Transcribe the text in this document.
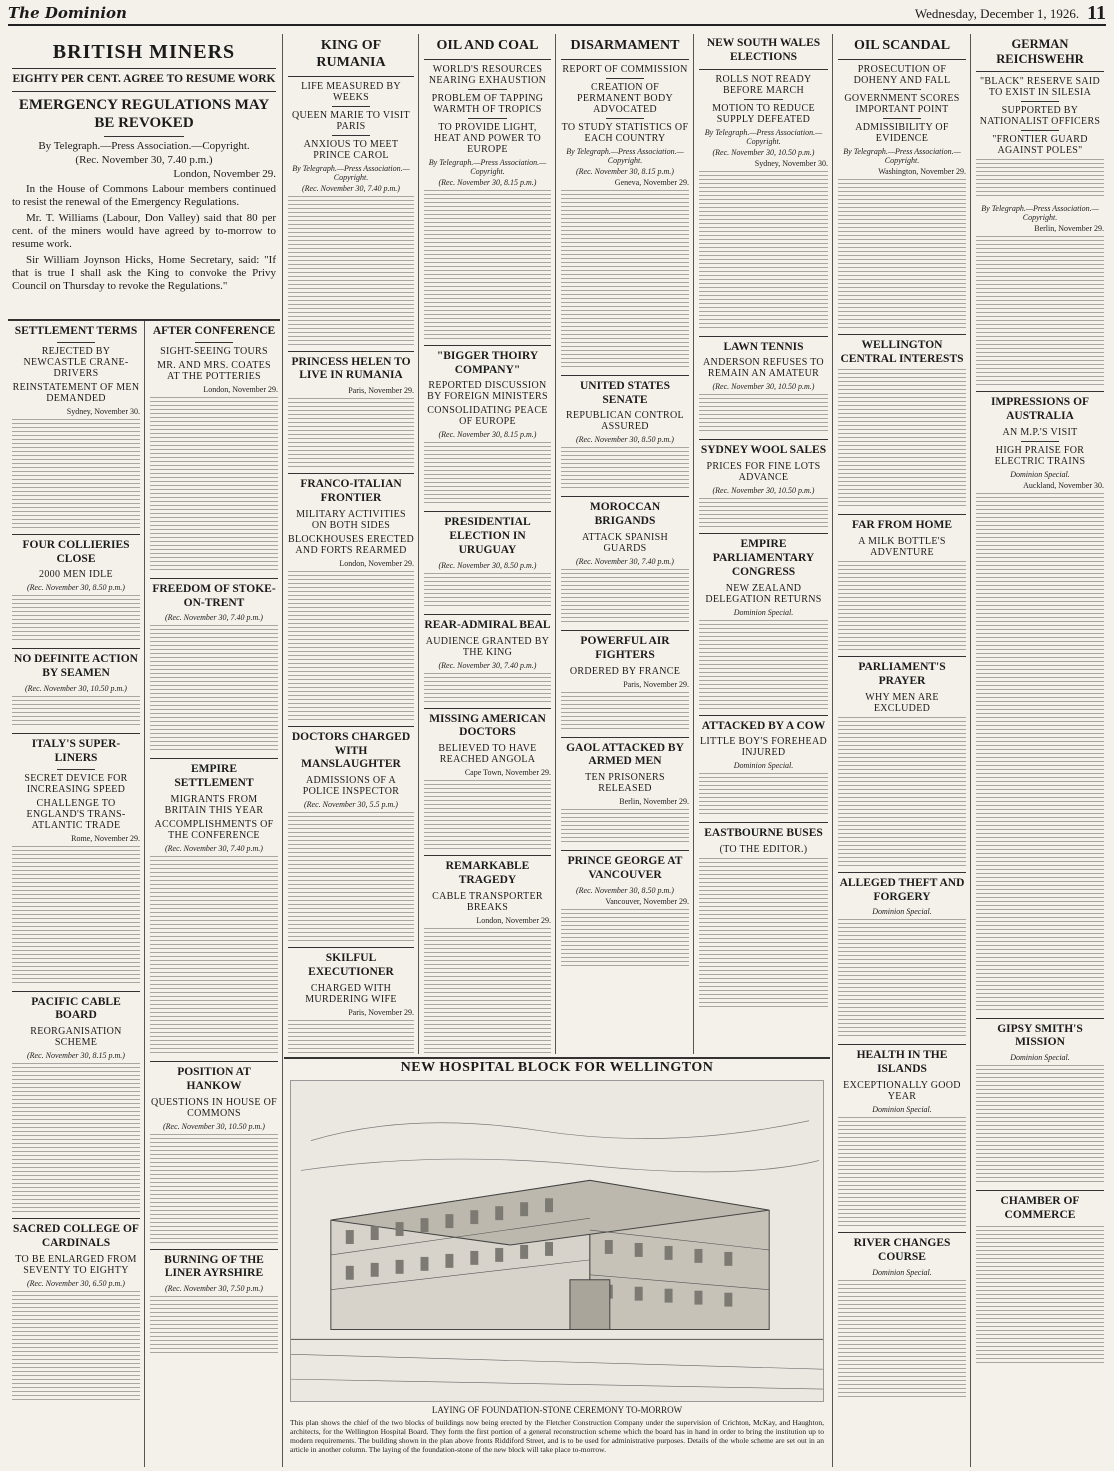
The Dominion	Wednesday, December 1, 1926. 11
BRITISH MINERS
EIGHTY PER CENT. AGREE TO RESUME WORK
EMERGENCY REGULATIONS MAY BE REVOKED
By Telegraph.—Press Association.—Copyright.
(Rec. November 30, 7.40 p.m.)
London, November 29.

In the House of Commons Labour members continued to resist the renewal of the Emergency Regulations.

Mr. T. Williams (Labour, Don Valley) said that 80 per cent. of the miners would have agreed by to-morrow to resume work.

Sir William Joynson Hicks, Home Secretary, said: "If that is true I shall ask the King to convoke the Privy Council on Thursday to revoke the Regulations."

SETTLEMENT TERMS
REJECTED BY NEWCASTLE CRANE-DRIVERS
REINSTATEMENT OF MEN DEMANDED
Sydney, November 30.
FOUR COLLIERIES CLOSE
2000 MEN IDLE
(Rec. November 30, 8.50 p.m.)
NO DEFINITE ACTION BY SEAMEN
(Rec. November 30, 10.50 p.m.)
ITALY'S SUPER-LINERS
SECRET DEVICE FOR INCREASING SPEED
CHALLENGE TO ENGLAND'S TRANS-ATLANTIC TRADE
Rome, November 29.
PACIFIC CABLE BOARD
REORGANISATION SCHEME
(Rec. November 30, 8.15 p.m.)
SACRED COLLEGE OF CARDINALS
TO BE ENLARGED FROM SEVENTY TO EIGHTY
(Rec. November 30, 6.50 p.m.)
AFTER CONFERENCE
SIGHT-SEEING TOURS
MR. AND MRS. COATES AT THE POTTERIES
London, November 29.
FREEDOM OF STOKE-ON-TRENT
(Rec. November 30, 7.40 p.m.)
EMPIRE SETTLEMENT
MIGRANTS FROM BRITAIN THIS YEAR
ACCOMPLISHMENTS OF THE CONFERENCE
(Rec. November 30, 7.40 p.m.)
POSITION AT HANKOW
QUESTIONS IN HOUSE OF COMMONS
(Rec. November 30, 10.50 p.m.)
BURNING OF THE LINER AYRSHIRE
(Rec. November 30, 7.50 p.m.)
KING OF RUMANIA
LIFE MEASURED BY WEEKS
QUEEN MARIE TO VISIT PARIS
ANXIOUS TO MEET PRINCE CAROL
By Telegraph.—Press Association.—Copyright.
(Rec. November 30, 7.40 p.m.)
PRINCESS HELEN TO LIVE IN RUMANIA
Paris, November 29.
FRANCO-ITALIAN FRONTIER
MILITARY ACTIVITIES ON BOTH SIDES
BLOCKHOUSES ERECTED AND FORTS REARMED
London, November 29.
DOCTORS CHARGED WITH MANSLAUGHTER
ADMISSIONS OF A POLICE INSPECTOR
(Rec. November 30, 5.5 p.m.)
SKILFUL EXECUTIONER
CHARGED WITH MURDERING WIFE
Paris, November 29.
OIL AND COAL
WORLD'S RESOURCES NEARING EXHAUSTION
PROBLEM OF TAPPING WARMTH OF TROPICS
TO PROVIDE LIGHT, HEAT AND POWER TO EUROPE
By Telegraph.—Press Association.—Copyright.
(Rec. November 30, 8.15 p.m.)
"BIGGER THOIRY COMPANY"
REPORTED DISCUSSION BY FOREIGN MINISTERS
CONSOLIDATING PEACE OF EUROPE
(Rec. November 30, 8.15 p.m.)
PRESIDENTIAL ELECTION IN URUGUAY
(Rec. November 30, 8.50 p.m.)
REAR-ADMIRAL BEAL
AUDIENCE GRANTED BY THE KING
(Rec. November 30, 7.40 p.m.)
MISSING AMERICAN DOCTORS
BELIEVED TO HAVE REACHED ANGOLA
Cape Town, November 29.
REMARKABLE TRAGEDY
CABLE TRANSPORTER BREAKS
London, November 29.
DISARMAMENT
REPORT OF COMMISSION
CREATION OF PERMANENT BODY ADVOCATED
TO STUDY STATISTICS OF EACH COUNTRY
By Telegraph.—Press Association.—Copyright.
(Rec. November 30, 8.15 p.m.)
Geneva, November 29.
UNITED STATES SENATE
REPUBLICAN CONTROL ASSURED
(Rec. November 30, 8.50 p.m.)
MOROCCAN BRIGANDS
ATTACK SPANISH GUARDS
(Rec. November 30, 7.40 p.m.)
POWERFUL AIR FIGHTERS
ORDERED BY FRANCE
Paris, November 29.
GAOL ATTACKED BY ARMED MEN
TEN PRISONERS RELEASED
Berlin, November 29.
PRINCE GEORGE AT VANCOUVER
(Rec. November 30, 8.50 p.m.)
Vancouver, November 29.
NEW SOUTH WALES ELECTIONS
ROLLS NOT READY BEFORE MARCH
MOTION TO REDUCE SUPPLY DEFEATED
By Telegraph.—Press Association.—Copyright.
(Rec. November 30, 10.50 p.m.)
Sydney, November 30.
LAWN TENNIS
ANDERSON REFUSES TO REMAIN AN AMATEUR
(Rec. November 30, 10.50 p.m.)
SYDNEY WOOL SALES
PRICES FOR FINE LOTS ADVANCE
(Rec. November 30, 10.50 p.m.)
EMPIRE PARLIAMENTARY CONGRESS
NEW ZEALAND DELEGATION RETURNS
Dominion Special.
ATTACKED BY A COW
LITTLE BOY'S FOREHEAD INJURED
Dominion Special.
EASTBOURNE BUSES
(TO THE EDITOR.)
OIL SCANDAL
PROSECUTION OF DOHENY AND FALL
GOVERNMENT SCORES IMPORTANT POINT
ADMISSIBILITY OF EVIDENCE
By Telegraph.—Press Association.—Copyright.
Washington, November 29.
WELLINGTON CENTRAL INTERESTS
FAR FROM HOME
A MILK BOTTLE'S ADVENTURE
PARLIAMENT'S PRAYER
WHY MEN ARE EXCLUDED
ALLEGED THEFT AND FORGERY
Dominion Special.
HEALTH IN THE ISLANDS
EXCEPTIONALLY GOOD YEAR
Dominion Special.
RIVER CHANGES COURSE
Dominion Special.
GERMAN REICHSWEHR
"BLACK" RESERVE SAID TO EXIST IN SILESIA
SUPPORTED BY NATIONALIST OFFICERS
"FRONTIER GUARD AGAINST POLES"
By Telegraph.—Press Association.—Copyright.
Berlin, November 29.
IMPRESSIONS OF AUSTRALIA
AN M.P.'S VISIT
HIGH PRAISE FOR ELECTRIC TRAINS
Dominion Special.
Auckland, November 30.
GIPSY SMITH'S MISSION
Dominion Special.
CHAMBER OF COMMERCE
NEW HOSPITAL BLOCK FOR WELLINGTON
LAYING OF FOUNDATION-STONE CEREMONY TO-MORROW
This plan shows the chief of the two blocks of buildings now being erected by the Fletcher Construction Company under the supervision of Crichton, McKay, and Haughton, architects, for the Wellington Hospital Board. They form the first portion of a general reconstruction scheme which the board has in hand in order to bring the institution up to modern requirements. The building shown in the plan above fronts Riddiford Street, and is to be used for administrative purposes. Details of the whole scheme are set out in an article in another column. The laying of the foundation-stone of the new block will take place to-morrow.
